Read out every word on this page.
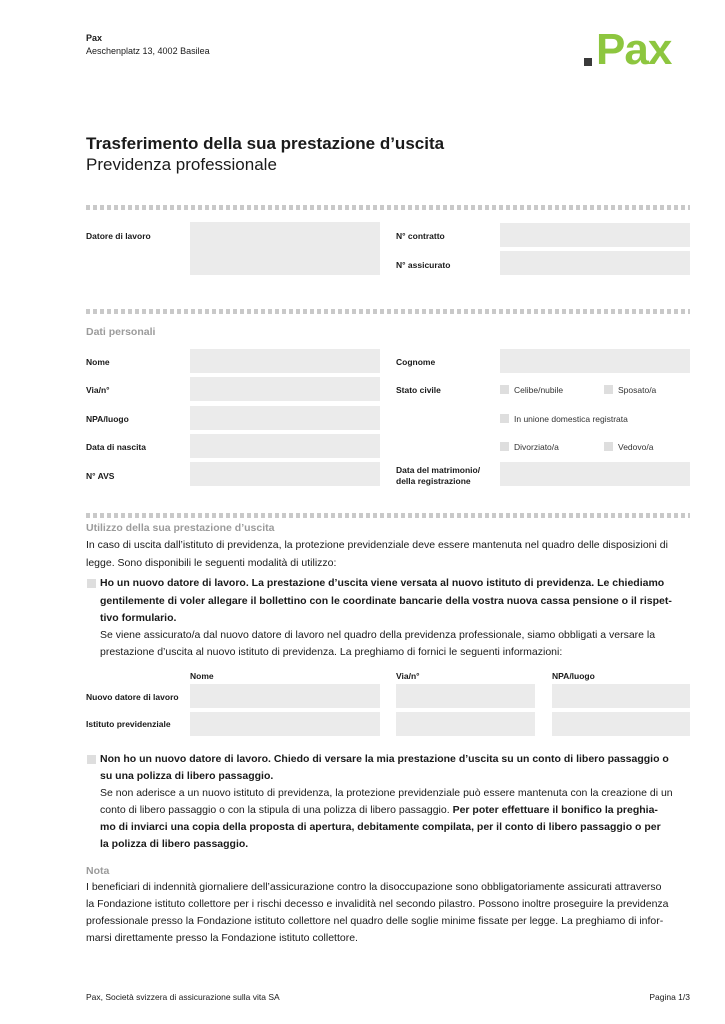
Pax
Aeschenplatz 13, 4002 Basilea	Pax
Trasferimento della sua prestazione d’uscita
Previdenza professionale
Datore di lavoro	N° contratto
N° assicurato
Dati personali
Nome	Cognome
Via/n°	Stato civile	Celibe/nubile	Sposato/a
NPA/luogo	In unione domestica registrata
Data di nascita	Divorziato/a	Vedovo/a
N° AVS
Data del matrimonio/
della registrazione
Utilizzo della sua prestazione d’uscita
In caso di uscita dall’istituto di previdenza, la protezione previdenziale deve essere mantenuta nel quadro delle disposizioni di
legge. Sono disponibili le seguenti modalità di utilizzo:
Ho un nuovo datore di lavoro. La prestazione d’uscita viene versata al nuovo istituto di previdenza. Le chiediamo
gentilemente di voler allegare il bollettino con le coordinate bancarie della vostra nuova cassa pensione o il rispet-
tivo formulario.
Se viene assicurato/a dal nuovo datore di lavoro nel quadro della previdenza professionale, siamo obbligati a versare la
prestazione d’uscita al nuovo istituto di previdenza. La preghiamo di fornici le seguenti informazioni:
Nome	Via/n°	NPA/luogo
Nuovo datore di lavoro
Istituto previdenziale
Non ho un nuovo datore di lavoro. Chiedo di versare la mia prestazione d’uscita su un conto di libero passaggio o
su una polizza di libero passaggio.
Se non aderisce a un nuovo istituto di previdenza, la protezione previdenziale può essere mantenuta con la creazione di un
conto di libero passaggio o con la stipula di una polizza di libero passaggio. Per poter effettuare il bonifico la preghia-
mo di inviarci una copia della proposta di apertura, debitamente compilata, per il conto di libero passaggio o per
la polizza di libero passaggio.
Nota
I beneficiari di indennità giornaliere dell’assicurazione contro la disoccupazione sono obbligatoriamente assicurati attraverso
la Fondazione istituto collettore per i rischi decesso e invalidità nel secondo pilastro. Possono inoltre proseguire la previdenza
professionale presso la Fondazione istituto collettore nel quadro delle soglie minime fissate per legge. La preghiamo di infor-
marsi direttamente presso la Fondazione istituto collettore.
Pax, Società svizzera di assicurazione sulla vita SA	Pagina 1/3
